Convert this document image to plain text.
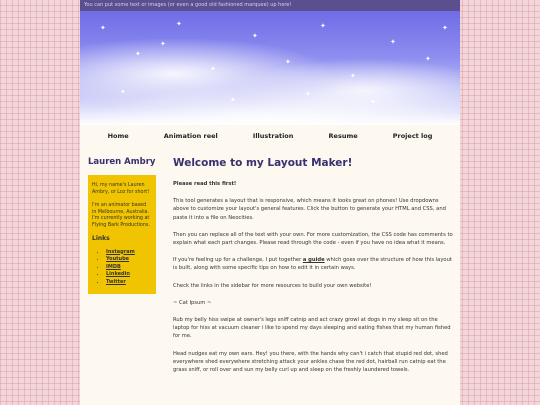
You can put some text or images (or even a good old fashioned marquee) up here!
✦
✦
✦
✦
✦
✦
✦
✦
✦
✦
✦
✦
✦	✦
✦
✦
Home	Animation reel	Illustration	Resume	Project log
Lauren Ambry

Hi, my name's Lauren Ambry, or Loz for short!

I'm an animator based in Melbourne, Australia. I'm currently working at Flying Bark Productions.

Links
• Instagram
• Youtube
• IMDB
• Linkedin
• Twitter
Welcome to my Layout Maker!

Please read this first!

This tool generates a layout that is responsive, which means it looks great on phones! Use dropdowns above to customize your layout's general features. Click the button to generate your HTML and CSS, and paste it into a file on Neocities.

Then you can replace all of the text with your own. For more customization, the CSS code has comments to explain what each part changes. Please read through the code - even if you have no idea what it means.

If you're feeling up for a challenge, I put together a guide which goes over the structure of how this layout is built, along with some specific tips on how to edit it in certain ways.

Check the links in the sidebar for more resources to build your own website!

~ Cat Ipsum ~

Rub my belly hiss swipe at owner's legs sniff catnip and act crazy growl at dogs in my sleep sit on the laptop for hiss at vacuum cleaner i like to spend my days sleeping and eating fishes that my human fished for me.

Head nudges eat my own ears. Hey! you there, with the hands why can't i catch that stupid red dot, shed everywhere shed everywhere stretching attack your ankles chase the red dot, hairball run catnip eat the grass sniff, or roll over and sun my belly curl up and sleep on the freshly laundered towels.
